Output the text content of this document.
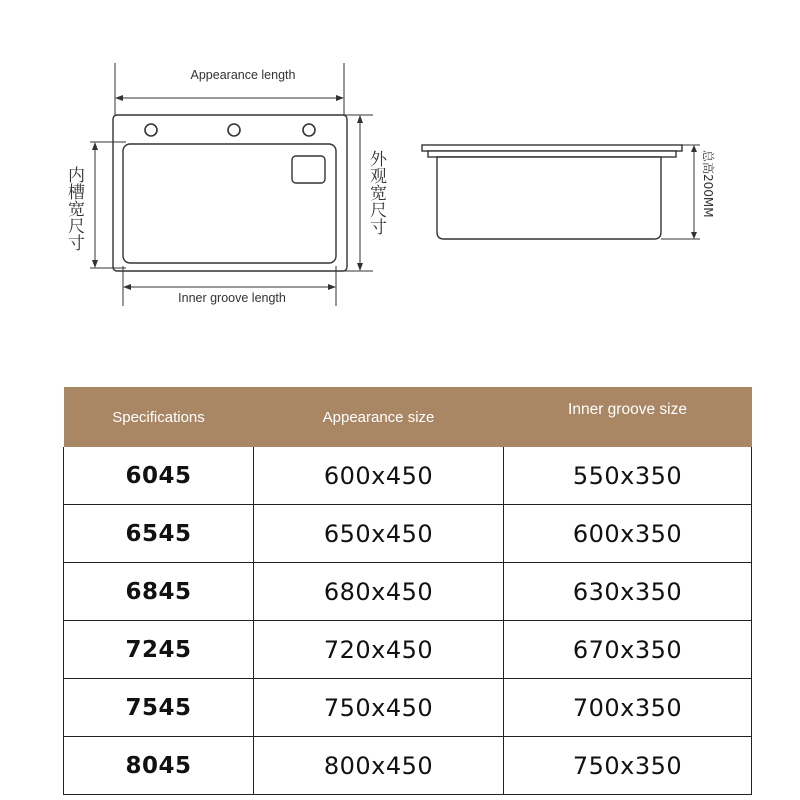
Appearance length
内槽宽尺寸	外观宽尺寸
Inner groove length
总高200MM
Specifications	Appearance size	Inner groove size
6045	600x450	550x350
6545	650x450	600x350
6845	680x450	630x350
7245	720x450	670x350
7545	750x450	700x350
8045	800x450	750x350
